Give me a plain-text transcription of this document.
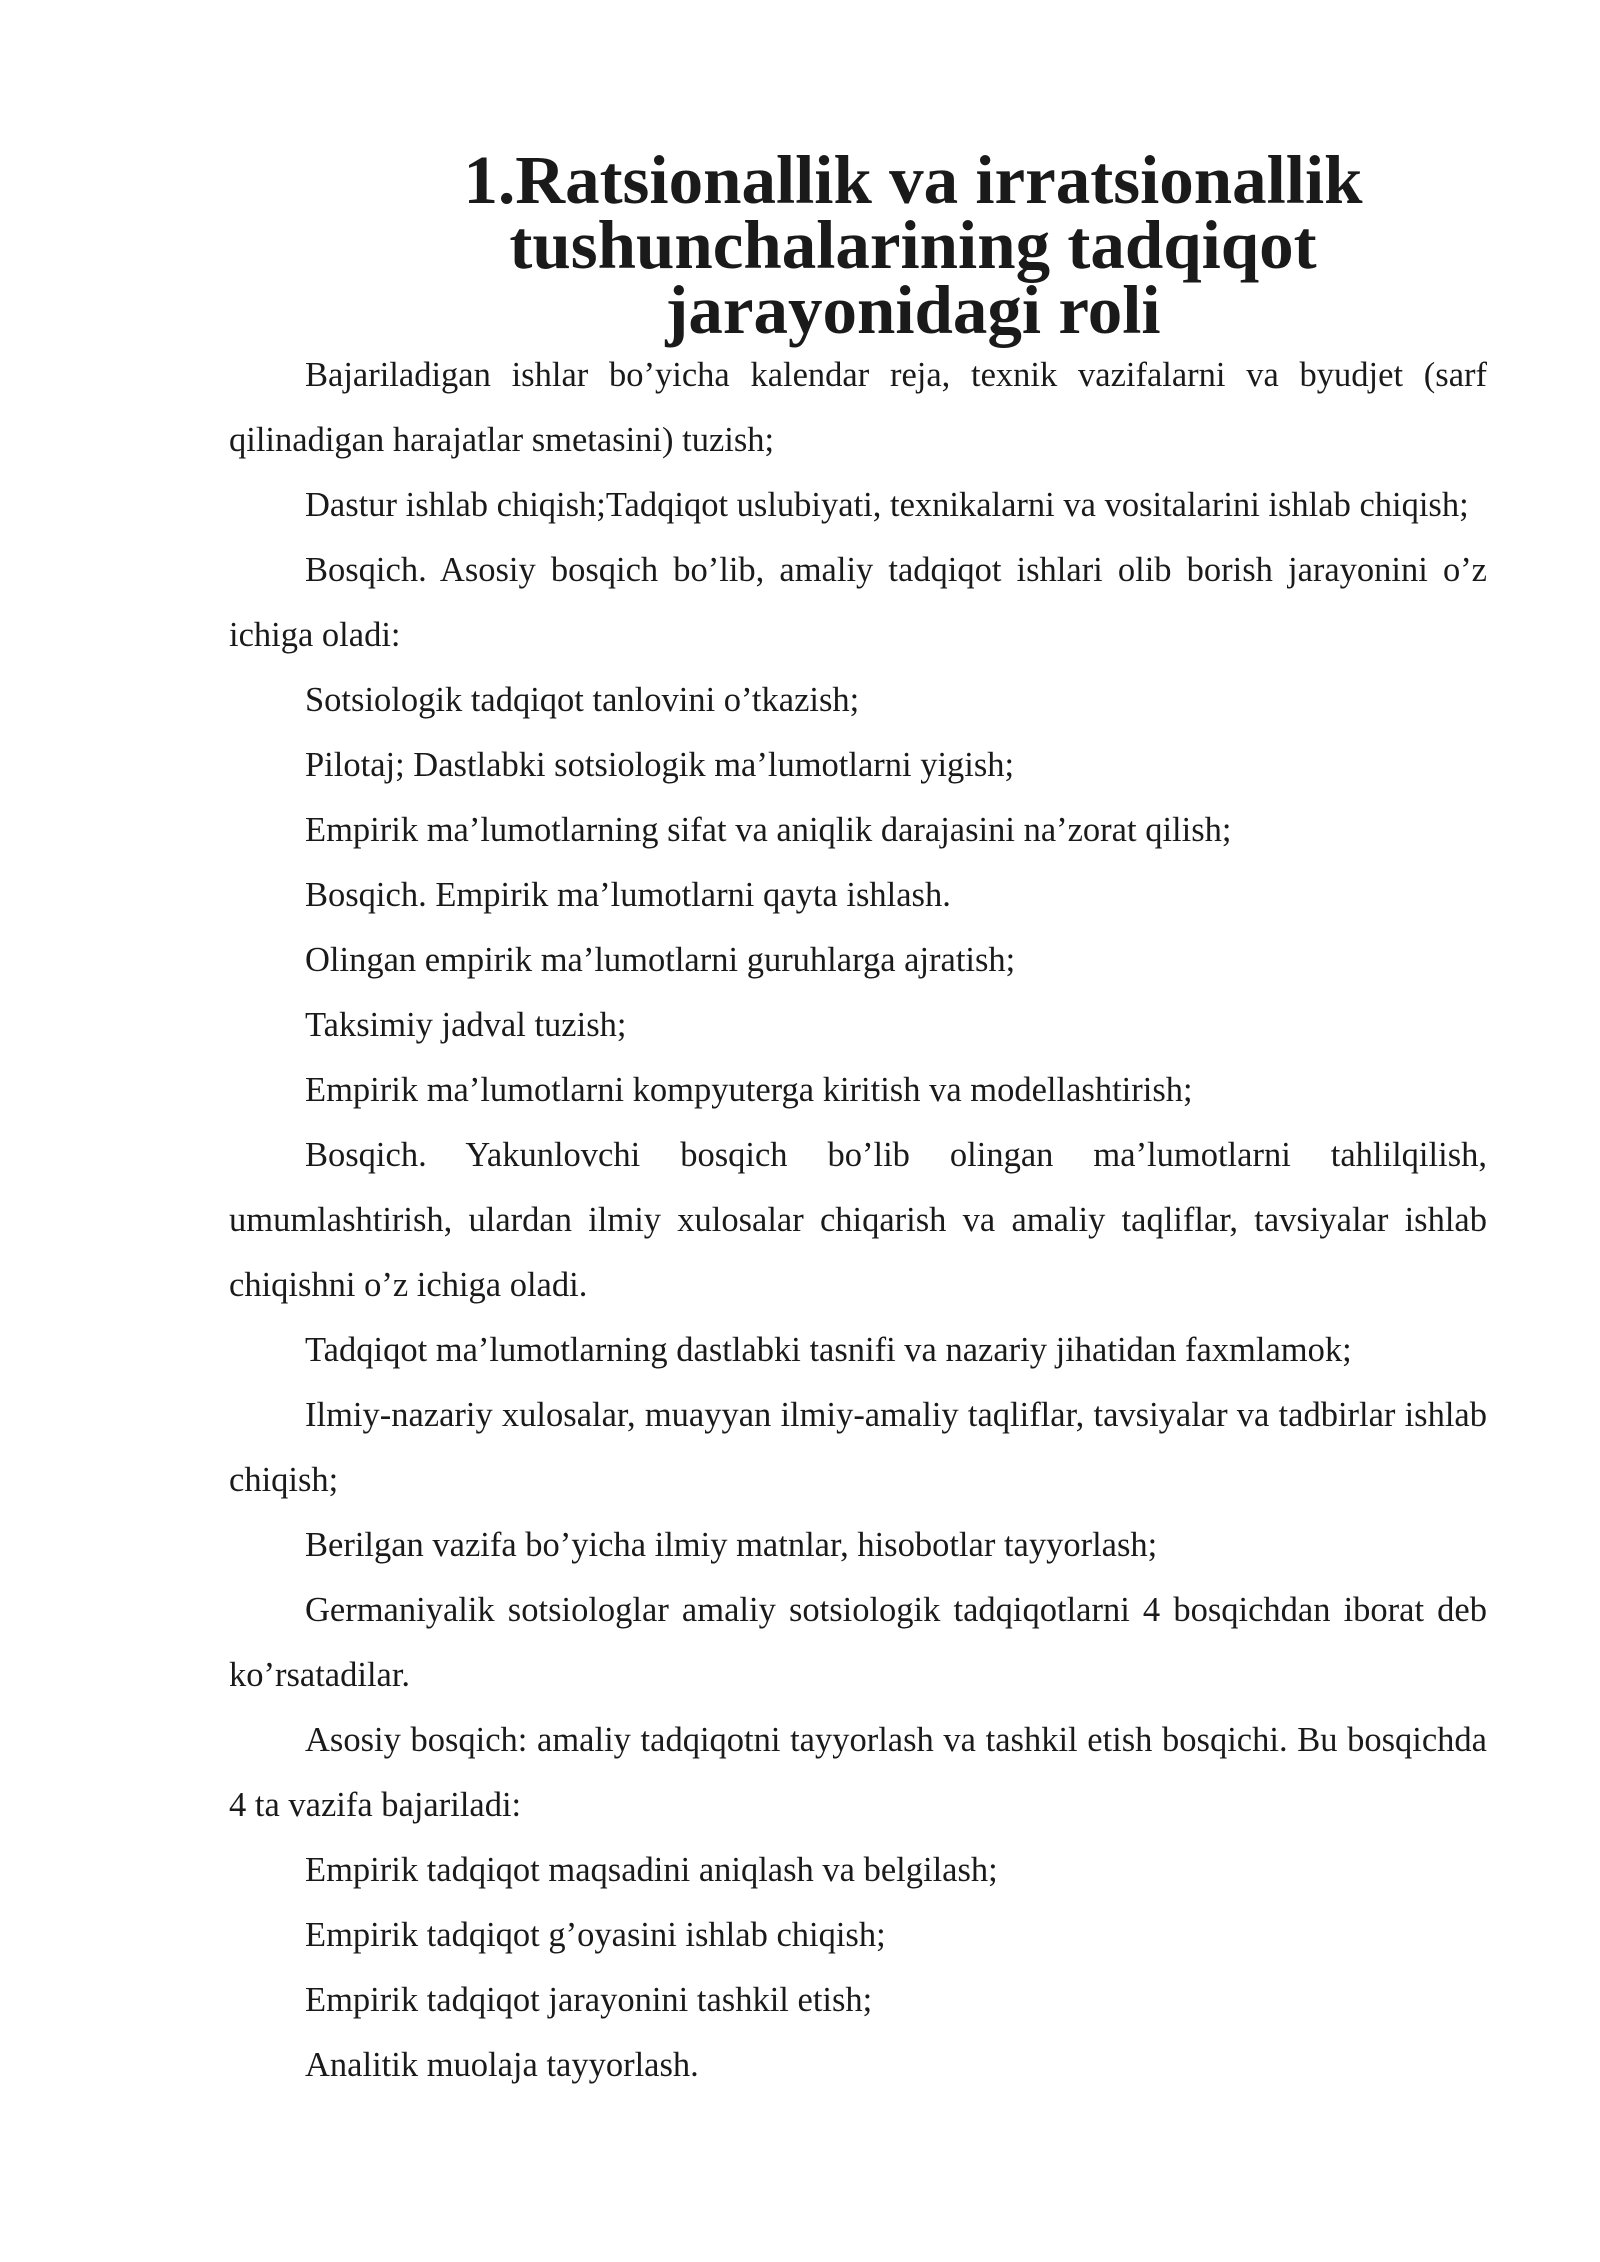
1.Ratsionallik va irratsionallik tushunchalarining tadqiqot jarayonidagi roli

Bajariladigan ishlar bo’yicha kalendar reja, texnik vazifalarni va byudjet (sarf qilinadigan harajatlar smetasini) tuzish;

Dastur ishlab chiqish;Tadqiqot uslubiyati, texnikalarni va vositalarini ishlab chiqish;

Bosqich. Asosiy bosqich bo’lib, amaliy tadqiqot ishlari olib borish jarayonini o’z ichiga oladi:

Sotsiologik tadqiqot tanlovini o’tkazish;

Pilotaj; Dastlabki sotsiologik ma’lumotlarni yigish;

Empirik ma’lumotlarning sifat va aniqlik darajasini na’zorat qilish;

Bosqich. Empirik ma’lumotlarni qayta ishlash.

Olingan empirik ma’lumotlarni guruhlarga ajratish;

Taksimiy jadval tuzish;

Empirik ma’lumotlarni kompyuterga kiritish va modellashtirish;

Bosqich. Yakunlovchi bosqich bo’lib olingan ma’lumotlarni tahlilqilish, umumlashtirish, ulardan ilmiy xulosalar chiqarish va amaliy taqliflar, tavsiyalar ishlab chiqishni o’z ichiga oladi.

Tadqiqot ma’lumotlarning dastlabki tasnifi va nazariy jihatidan faxmlamok;

Ilmiy-nazariy xulosalar, muayyan ilmiy-amaliy taqliflar, tavsiyalar va tadbirlar ishlab chiqish;

Berilgan vazifa bo’yicha ilmiy matnlar, hisobotlar tayyorlash;

Germaniyalik sotsiologlar amaliy sotsiologik tadqiqotlarni 4 bosqichdan iborat deb ko’rsatadilar.

Asosiy bosqich: amaliy tadqiqotni tayyorlash va tashkil etish bosqichi. Bu bosqichda 4 ta vazifa bajariladi:

Empirik tadqiqot maqsadini aniqlash va belgilash;

Empirik tadqiqot g’oyasini ishlab chiqish;

Empirik tadqiqot jarayonini tashkil etish;

Analitik muolaja tayyorlash.
